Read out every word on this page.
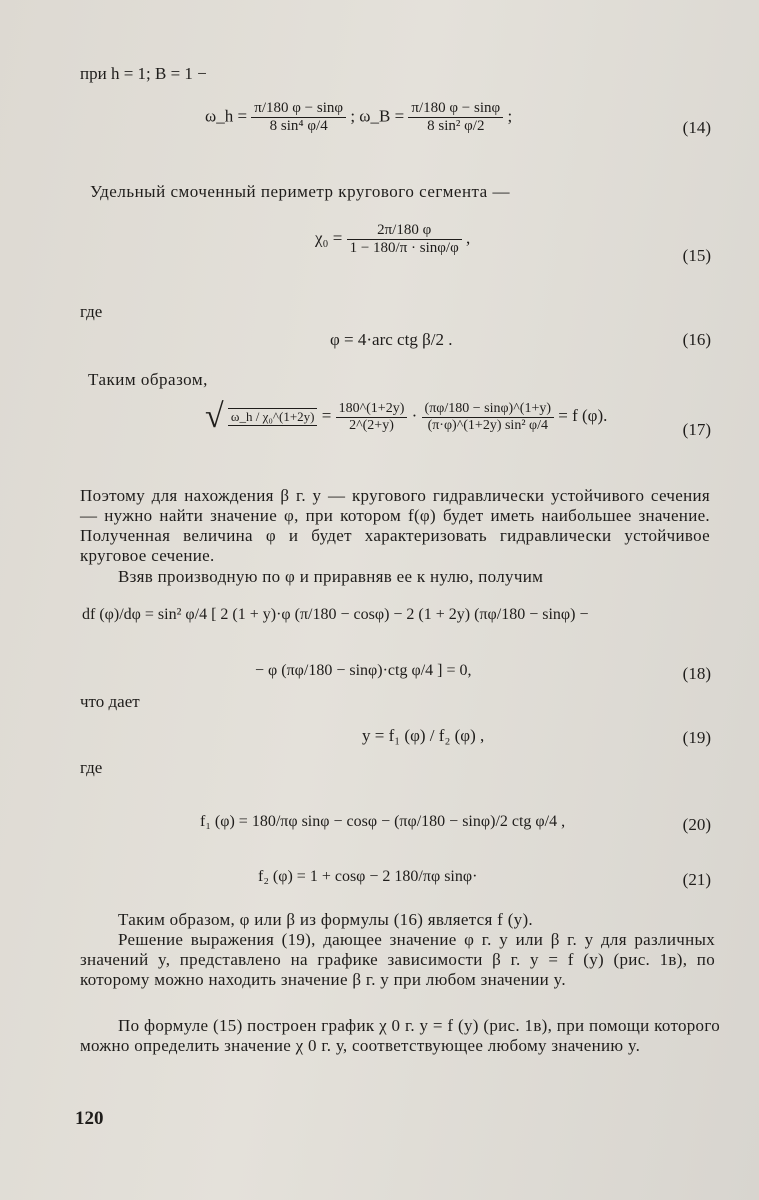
при h = 1; B = 1 −
ω_h = $\frac{\pi/180 \varphi - \sin\varphi}{\text{8 sin⁴ φ/4}}$ ; ω_B = $\frac{\pi/180 \varphi - \sin\varphi}{\text{8 sin² φ/2}}$ ;
(14)
Удельный смоченный периметр кругового сегмента —
$\chi_0 = \frac{2\pi/180 \varphi}{1 - 180/\pi \cdot \sin\varphi/\varphi}$ ,
(15)
где
φ = 4·arc ctg β/2 .	(16)
Таким образом,
√ ω_h / χ₀^(1+2y) = $\frac{180\^{}(1+2y)}{2\^{}(2+y)} \cdot \frac{(\pi\varphi/180 - \sin\varphi)\^{}(1+y)}{\text{(π·φ)\textasciicircum{}(1+2y) sin² φ/4}} = f$ (φ).
(17)
Поэтому для нахождения β г. у — кругового гидравлически устойчивого сечения — нужно найти значение φ, при котором f(φ) будет иметь наибольшее значение. Полученная величина φ и будет характеризовать гидравлически устойчивое круговое сечение.
Взяв производную по φ и приравняв ее к нулю, получим
df (φ)/dφ = sin² φ/4 [ 2 (1 + y)·φ (π/180 − cosφ) − 2 (1 + 2y) (πφ/180 − sinφ) −
− φ (πφ/180 − sinφ)·ctg φ/4 ] = 0,	(18)
что дает
y = f₁ (φ) / f₂ (φ) ,	(19)
где
f₁ (φ) = 180/πφ sinφ − cosφ − (πφ/180 − sinφ)/2 ctg φ/4 ,	(20)
f₂ (φ) = 1 + cosφ − 2 180/πφ sinφ·	(21)
Таким образом, φ или β из формулы (16) является f (y).
Решение выражения (19), дающее значение φ г. у или β г. у для различных значений y, представлено на графике зависимости β г. у = f (y) (рис. 1в), по которому можно находить значение β г. у при любом значении y.
По формуле (15) построен график χ 0 г. у = f (y) (рис. 1в), при помощи которого можно определить значение χ 0 г. у, соответствующее любому значению y.
120
